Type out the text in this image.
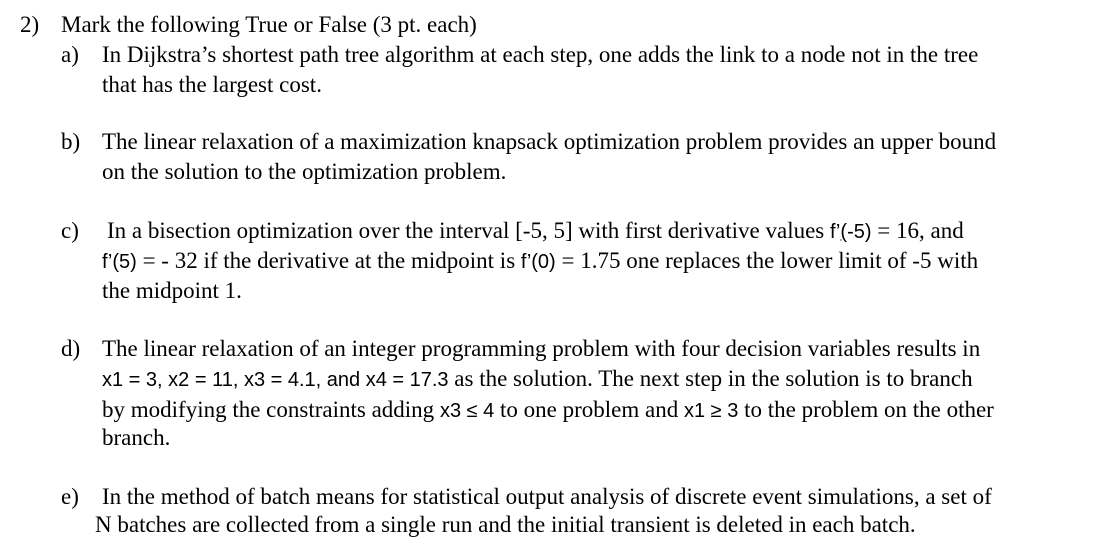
2) Mark the following True or False (3 pt. each)
a) In Dijkstra’s shortest path tree algorithm at each step, one adds the link to a node not in the tree
that has the largest cost.
b) The linear relaxation of a maximization knapsack optimization problem provides an upper bound
on the solution to the optimization problem.
c) In a bisection optimization over the interval [-5, 5] with first derivative values f’(-5) = 16, and
f’(5) = - 32 if the derivative at the midpoint is f’(0) = 1.75 one replaces the lower limit of -5 with
the midpoint 1.
d) The linear relaxation of an integer programming problem with four decision variables results in
x1 = 3, x2 = 11, x3 = 4.1, and x4 = 17.3 as the solution. The next step in the solution is to branch
by modifying the constraints adding x3 ≤ 4 to one problem and x1 ≥ 3 to the problem on the other
branch.
e) In the method of batch means for statistical output analysis of discrete event simulations, a set of
N batches are collected from a single run and the initial transient is deleted in each batch.
